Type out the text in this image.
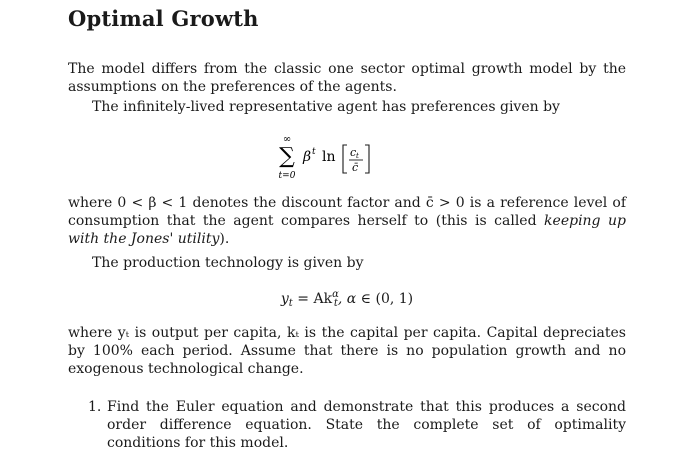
Optimal Growth
The model differs from the classic one sector optimal growth model by the assumptions on the preferences of the agents.
The infinitely-lived representative agent has preferences given by
∞
∑
t=0
β t ln c t
c̄
where 0 < β < 1 denotes the discount factor and c̄ > 0 is a reference level of consumption that the agent compares herself to (this is called keeping up with the Jones' utility).
The production technology is given by
$y_t = Ak^\alpha_t$, α ∈ (0, 1)
where yₜ is output per capita, kₜ is the capital per capita. Capital depreciates by 100% each period. Assume that there is no population growth and no exogenous technological change.
1. Find the Euler equation and demonstrate that this produces a second order difference equation. State the complete set of optimality conditions for this model.
